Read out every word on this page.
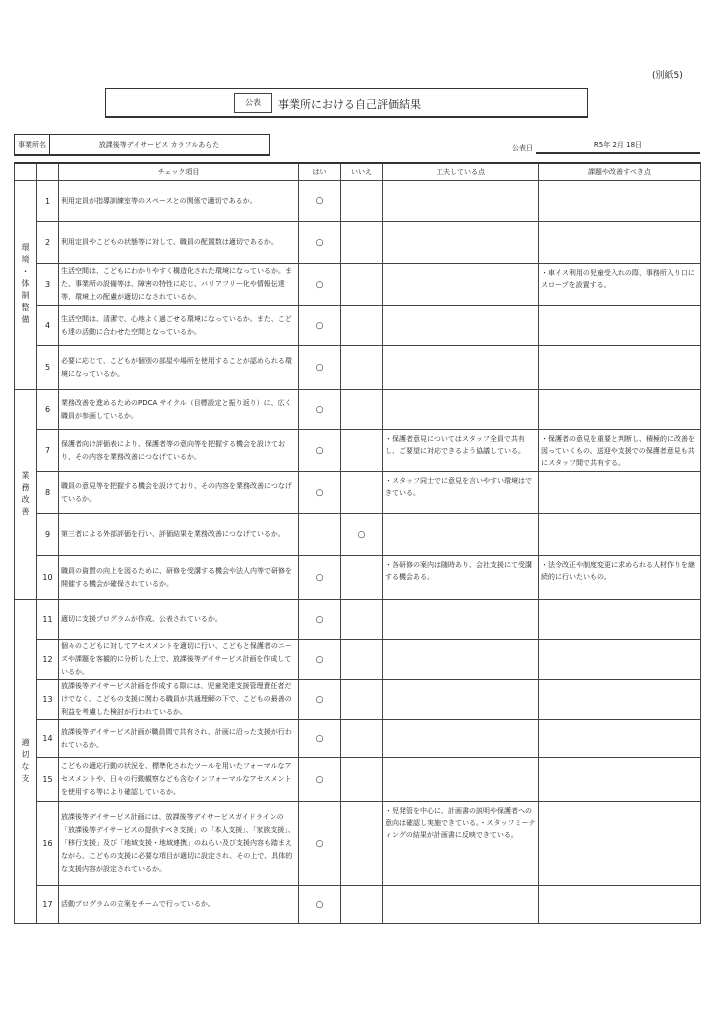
(別紙5)
公表	事業所における自己評価結果
事業所名	放課後等デイサービス カラフルあらた	公表日	R5年 2月 18日
		チェック項目	はい	いいえ	工夫している点	課題や改善すべき点
環境・体制整備	1	利用定員が指導訓練室等のスペースとの関係で適切であるか。	○			
	2	利用定員やこどもの状態等に対して、職員の配置数は適切であるか。	○			
	3	生活空間は、こどもにわかりやすく構造化された環境になっているか。また、事業所の設備等は、障害の特性に応じ、バリアフリー化や情報伝達等、環境上の配慮が適切になされているか。	○			・車イス利用の児童受入れの際、事務所入り口にスロープを設置する。
	4	生活空間は、清潔で、心地よく過ごせる環境になっているか。また、こども達の活動に合わせた空間となっているか。	○			
	5	必要に応じて、こどもが個別の部屋や場所を使用することが認められる環境になっているか。	○			
業務改善	6	業務改善を進めるためのPDCA サイクル（目標設定と振り返り）に、広く職員が参画しているか。	○			
	7	保護者向け評価表により、保護者等の意向等を把握する機会を設けており、その内容を業務改善につなげているか。	○		・保護者意見についてはスタッフ全員で共有し、ご要望に対応できるよう協議している。	・保護者の意見を重要と判断し、積極的に改善を図っていくもの。送迎や支援での保護者意見も共にスタッフ間で共有する。
	8	職員の意見等を把握する機会を設けており、その内容を業務改善につなげているか。	○		・スタッフ同士でに意見を言いやすい環境はできている。	
	9	第三者による外部評価を行い、評価結果を業務改善につなげているか。		○		
	10	職員の資質の向上を図るために、研修を受講する機会や法人内等で研修を開催する機会が確保されているか。	○		・各研修の案内は随時あり、会社支援にて受講する機会ある。	・法令改正や制度変更に求められる人材作りを継続的に行いたいもの。
適切な支	11	適切に支援プログラムが作成、公表されているか。	○			
	12	個々のこどもに対してアセスメントを適切に行い、こどもと保護者のニーズや課題を客観的に分析した上で、放課後等デイサービス計画を作成しているか。	○			
	13	放課後等デイサービス計画を作成する際には、児童発達支援管理責任者だけでなく、こどもの支援に関わる職員が共通理解の下で、こどもの最善の利益を考慮した検討が行われているか。	○			
	14	放課後等デイサービス計画が職員間で共有され、計画に沿った支援が行われているか。	○			
	15	こどもの適応行動の状況を、標準化されたツールを用いたフォーマルなアセスメントや、日々の行動観察なども含むインフォーマルなアセスメントを使用する等により確認しているか。	○			
	16	放課後等デイサービス計画には、放課後等デイサービスガイドラインの「放課後等デイサービスの提供すべき支援」の「本人支援」、「家族支援」、「移行支援」及び「地域支援・地域連携」のねらい及び支援内容も踏まえながら、こどもの支援に必要な項目が適切に設定され、その上で、具体的な支援内容が設定されているか。	○		・児発管を中心に、計画書の説明や保護者への意向は確認し実施できている。・スタッフミーティングの結果が計画書に反映できている。	
	17	活動プログラムの立案をチームで行っているか。	○			
